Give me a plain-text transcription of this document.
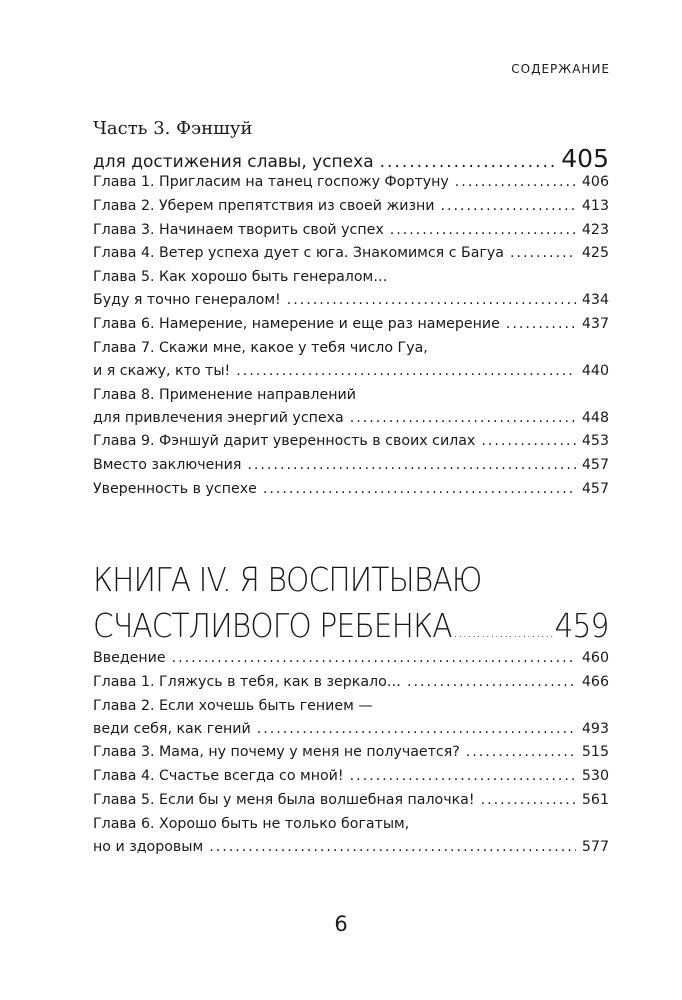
СОДЕРЖАНИЕ
Часть 3. Фэншуй
для достижения славы, успеха .....	405
Глава 1. Пригласим на танец госпожу Фортуну .....	406
Глава 2. Уберем препятствия из своей жизни .....	413
Глава 3. Начинаем творить свой успех .....	423
Глава 4. Ветер успеха дует с юга. Знакомимся с Багуа .....	425
Глава 5. Как хорошо быть генералом…
Буду я точно генералом! .....	434
Глава 6. Намерение, намерение и еще раз намерение .....	437
Глава 7. Скажи мне, какое у тебя число Гуа,
и я скажу, кто ты! .....	440
Глава 8. Применение направлений
для привлечения энергий успеха .....	448
Глава 9. Фэншуй дарит уверенность в своих силах .....	453
Вместо заключения .....	457
Уверенность в успехе .....	457
КНИГА IV. Я ВОСПИТЫВАЮ
СЧАСТЛИВОГО РЕБЕНКА .....	459
Введение .....	460
Глава 1. Гляжусь в тебя, как в зеркало… .....	466
Глава 2. Если хочешь быть гением —
веди себя, как гений .....	493
Глава 3. Мама, ну почему у меня не получается? .....	515
Глава 4. Счастье всегда со мной! .....	530
Глава 5. Если бы у меня была волшебная палочка! .....	561
Глава 6. Хорошо быть не только богатым,
но и здоровым .....	577
6
